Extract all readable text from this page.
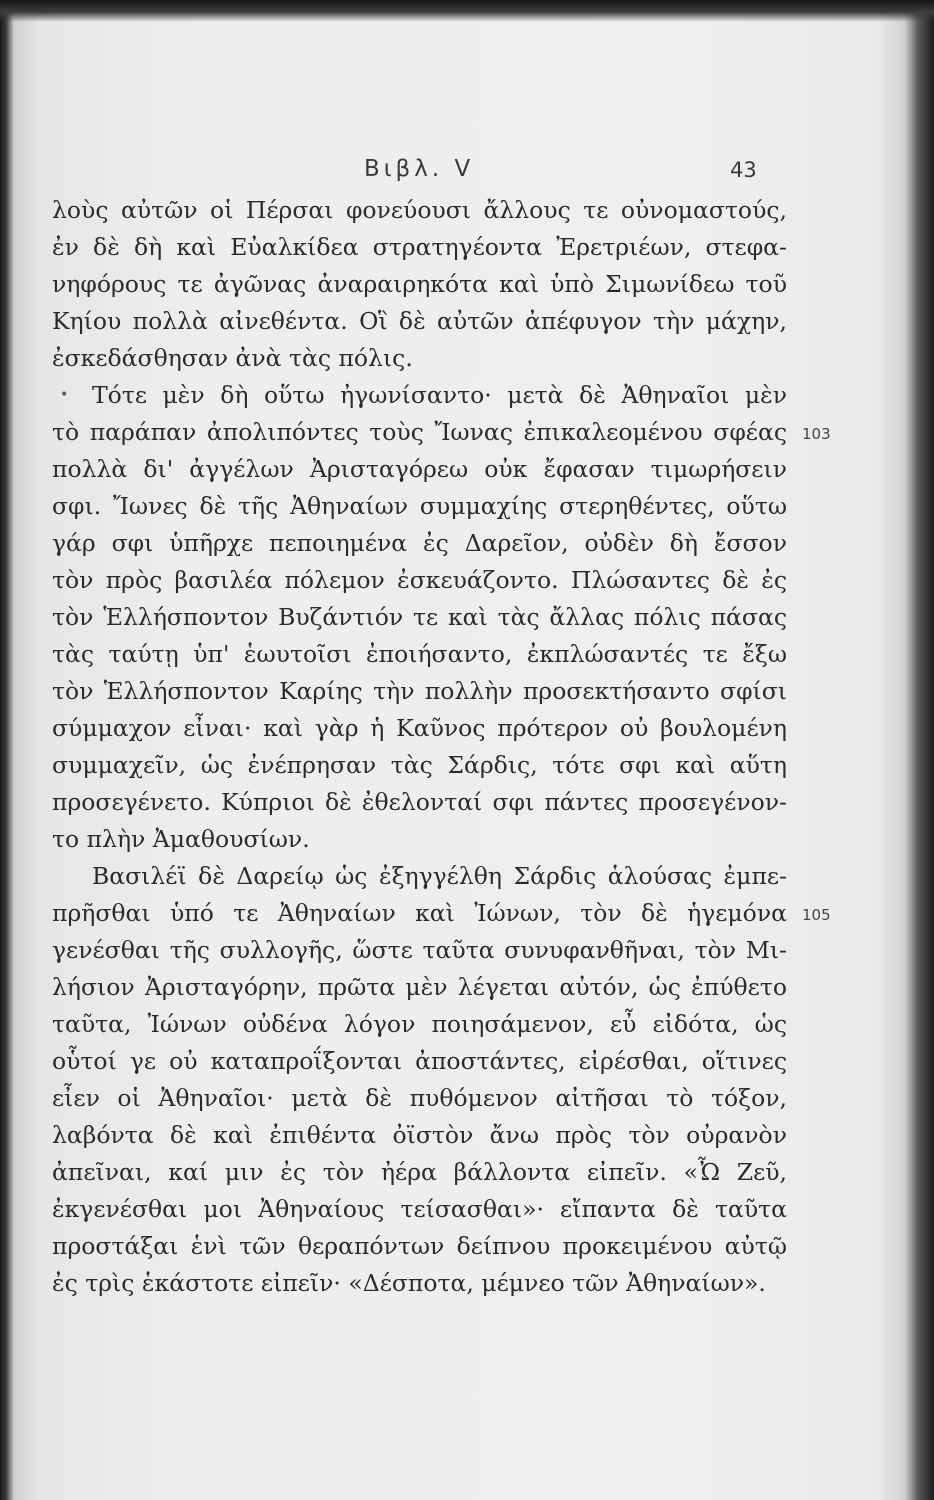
Βιβλ. V	43
λοὺς αὐτῶν οἱ Πέρσαι φονεύουσι ἄλλους τε οὐνομαστούς,
ἐν δὲ δὴ καὶ Εὐαλκίδεα στρατηγέοντα Ἐρετριέων, στεφα-
νηφόρους τε ἀγῶνας ἀναραιρηκότα καὶ ὑπὸ Σιμωνίδεω τοῦ
Κηίου πολλὰ αἰνεθέντα. Οἳ δὲ αὐτῶν ἀπέφυγον τὴν μάχην,
ἐσκεδάσθησαν ἀνὰ τὰς πόλις.
Τότε μὲν δὴ οὕτω ἠγωνίσαντο· μετὰ δὲ Ἀθηναῖοι μὲν
•
τὸ παράπαν ἀπολιπόντες τοὺς Ἴωνας ἐπικαλεομένου σφέας 103
πολλὰ δι' ἀγγέλων Ἀρισταγόρεω οὐκ ἔφασαν τιμωρήσειν
σφι. Ἴωνες δὲ τῆς Ἀθηναίων συμμαχίης στερηθέντες, οὕτω
γάρ σφι ὑπῆρχε πεποιημένα ἐς Δαρεῖον, οὐδὲν δὴ ἔσσον
τὸν πρὸς βασιλέα πόλεμον ἐσκευάζοντο. Πλώσαντες δὲ ἐς
τὸν Ἑλλήσποντον Βυζάντιόν τε καὶ τὰς ἄλλας πόλις πάσας
τὰς ταύτῃ ὑπ' ἑωυτοῖσι ἐποιήσαντο, ἐκπλώσαντές τε ἔξω
τὸν Ἑλλήσποντον Καρίης τὴν πολλὴν προσεκτήσαντο σφίσι
σύμμαχον εἶναι· καὶ γὰρ ἡ Καῦνος πρότερον οὐ βουλομένη
συμμαχεῖν, ὡς ἐνέπρησαν τὰς Σάρδις, τότε σφι καὶ αὕτη
προσεγένετο. Κύπριοι δὲ ἐθελονταί σφι πάντες προσεγένον-
το πλὴν Ἀμαθουσίων.
Βασιλέϊ δὲ Δαρείῳ ὡς ἐξηγγέλθη Σάρδις ἁλούσας ἐμπε-
πρῆσθαι ὑπό τε Ἀθηναίων καὶ Ἰώνων, τὸν δὲ ἡγεμόνα 105
γενέσθαι τῆς συλλογῆς, ὥστε ταῦτα συνυφανθῆναι, τὸν Μι-
λήσιον Ἀρισταγόρην, πρῶτα μὲν λέγεται αὐτόν, ὡς ἐπύθετο
ταῦτα, Ἰώνων οὐδένα λόγον ποιησάμενον, εὖ εἰδότα, ὡς
οὗτοί γε οὐ καταπροΐξονται ἀποστάντες, εἰρέσθαι, οἵτινες
εἶεν οἱ Ἀθηναῖοι· μετὰ δὲ πυθόμενον αἰτῆσαι τὸ τόξον,
λαβόντα δὲ καὶ ἐπιθέντα ὀϊστὸν ἄνω πρὸς τὸν οὐρανὸν
ἀπεῖναι, καί μιν ἐς τὸν ἠέρα βάλλοντα εἰπεῖν. «Ὦ Ζεῦ,
ἐκγενέσθαι μοι Ἀθηναίους τείσασθαι»· εἴπαντα δὲ ταῦτα
προστάξαι ἑνὶ τῶν θεραπόντων δείπνου προκειμένου αὐτῷ
ἐς τρὶς ἑκάστοτε εἰπεῖν· «Δέσποτα, μέμνεο τῶν Ἀθηναίων».
